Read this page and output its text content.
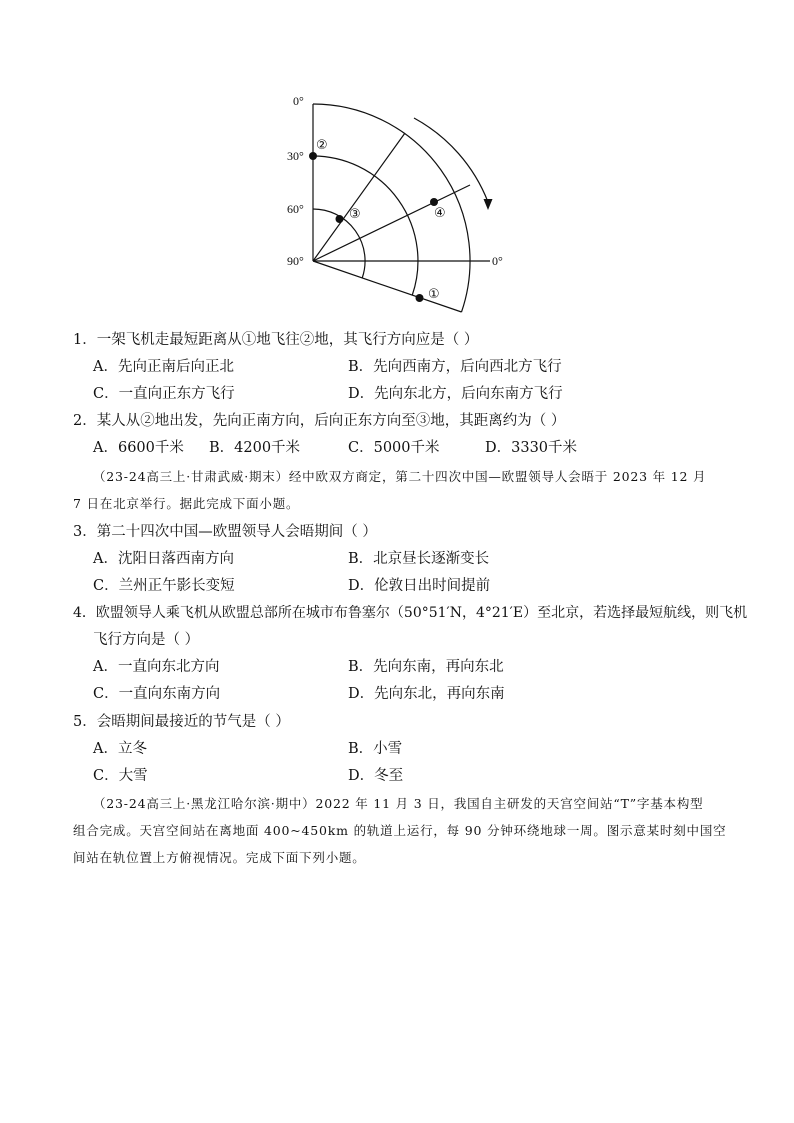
0°
30°
60°
90°	0°
②
③	④
①
1．一架飞机走最短距离从①地飞往②地，其飞行方向应是（ ）
A．先向正南后向正北	B．先向西南方，后向西北方飞行
C．一直向正东方飞行	D．先向东北方，后向东南方飞行
2．某人从②地出发，先向正南方向，后向正东方向至③地，其距离约为（ ）
A．6600千米 B．4200千米	C．5000千米	D．3330千米
（23-24高三上·甘肃武威·期末）经中欧双方商定，第二十四次中国—欧盟领导人会晤于 2023 年 12 月
7 日在北京举行。据此完成下面小题。
3．第二十四次中国—欧盟领导人会晤期间（ ）
A．沈阳日落西南方向	B．北京昼长逐渐变长
C．兰州正午影长变短	D．伦敦日出时间提前
4．欧盟领导人乘飞机从欧盟总部所在城市布鲁塞尔（50°51′N，4°21′E）至北京，若选择最短航线，则飞机
飞行方向是（ ）
A．一直向东北方向	B．先向东南，再向东北
C．一直向东南方向	D．先向东北，再向东南
5．会晤期间最接近的节气是（ ）
A．立冬	B．小雪
C．大雪	D．冬至
（23-24高三上·黑龙江哈尔滨·期中）2022 年 11 月 3 日，我国自主研发的天宫空间站“T”字基本构型
组合完成。天宫空间站在离地面 400~450km 的轨道上运行，每 90 分钟环绕地球一周。图示意某时刻中国空
间站在轨位置上方俯视情况。完成下面下列小题。
